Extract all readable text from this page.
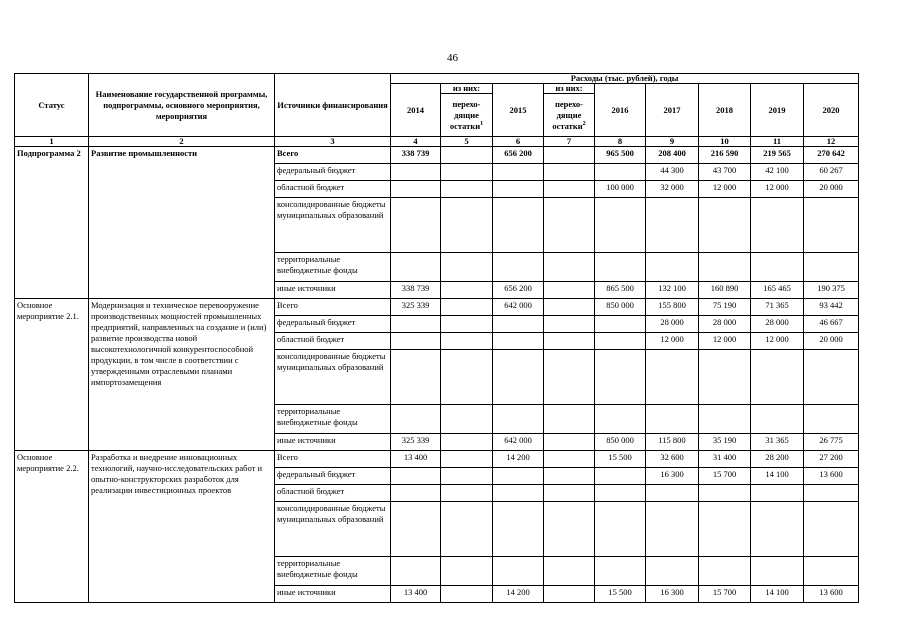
46
Статус	Наименование государственной программы, подпрограммы, основного мероприятия, мероприятия	Источники финансирования	Расходы (тыс. рублей), годы								
			2014	из них:	2015	из них:	2016	2017	2018	2019	2020
				перехо-дящие остатки$^1$		перехо-дящие остатки$^2$
1	2	3	4	5	6	7	8	9	10	11	12
Подпрограмма 2	Развитие промышленности	Всего	338 739		656 200		965 500	208 400	216 590	219 565	270 642
		федеральный бюджет						44 300	43 700	42 100	60 267
		областной бюджет					100 000	32 000	12 000	12 000	20 000
		консолидированные бюджеты муниципальных образований									
		территориальные внебюджетные фонды									
		иные источники	338 739		656 200		865 500	132 100	160 890	165 465	190 375
Основное мероприятие 2.1.	Модернизация и техническое перевооружение производственных мощностей промышленных предприятий, направленных на создание и (или) развитие производства новой высокотехнологичной конкурентоспособной продукции, в том числе в соответствии с утвержденными отраслевыми планами импортозамещения	Всего	325 339		642 000		850 000	155 800	75 190	71 365	93 442
		федеральный бюджет						28 000	28 000	28 000	46 667
		областной бюджет						12 000	12 000	12 000	20 000
		консолидированные бюджеты муниципальных образований									
		территориальные внебюджетные фонды									
		иные источники	325 339		642 000		850 000	115 800	35 190	31 365	26 775
Основное мероприятие 2.2.	Разработка и внедрение инновационных технологий, научно-исследовательских работ и опытно-конструкторских разработок для реализации инвестиционных проектов	Всего	13 400		14 200		15 500	32 600	31 400	28 200	27 200
		федеральный бюджет						16 300	15 700	14 100	13 600
		областной бюджет									
		консолидированные бюджеты муниципальных образований									
		территориальные внебюджетные фонды									
		иные источники	13 400		14 200		15 500	16 300	15 700	14 100	13 600
